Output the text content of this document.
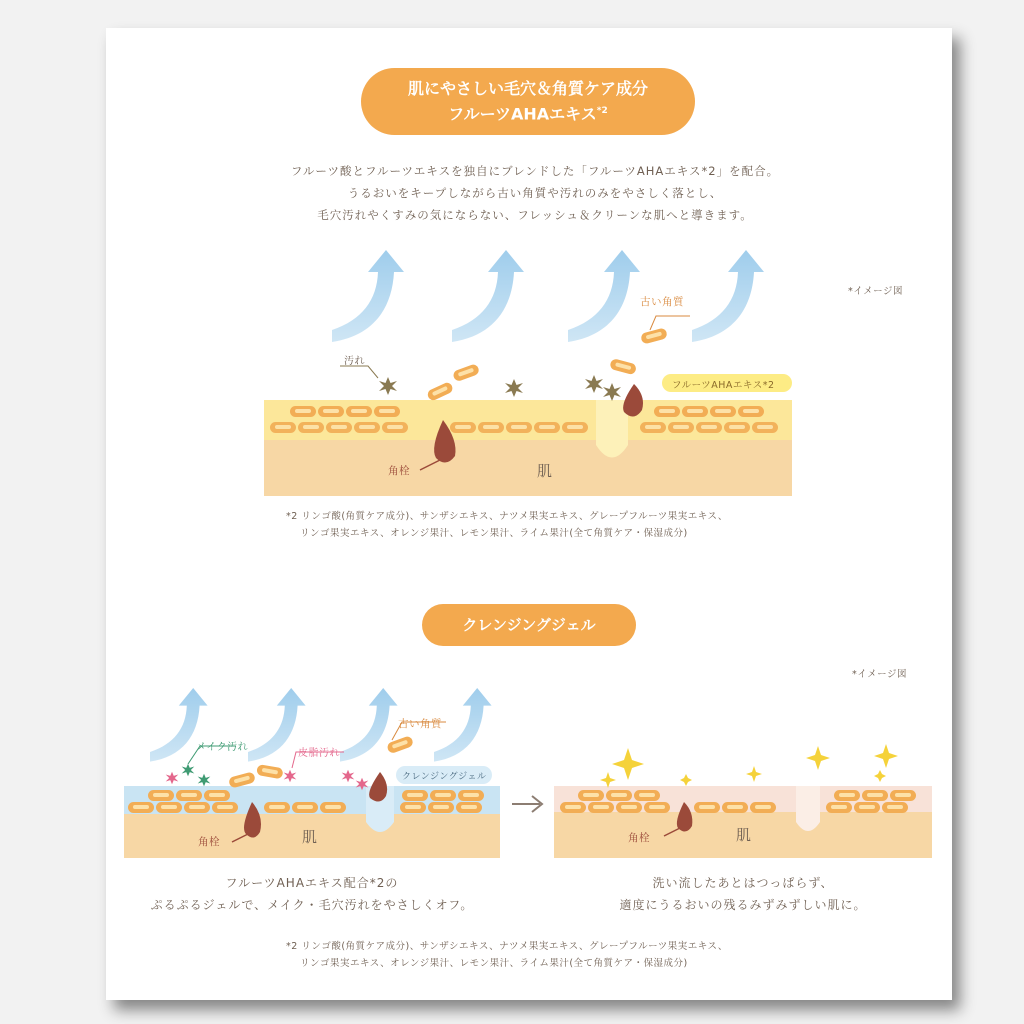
肌にやさしい毛穴＆角質ケア成分
フルーツAHAエキス$^{*2}$
フルーツ酸とフルーツエキスを独自にブレンドした「フルーツAHAエキス*2」を配合。
うるおいをキープしながら古い角質や汚れのみをやさしく落とし、
毛穴汚れやくすみの気にならない、フレッシュ＆クリーンな肌へと導きます。
*イメージ図
汚れ
古い角質
フルーツAHAエキス*2
角栓	肌
*2 リンゴ酸(角質ケア成分)、サンザシエキス、ナツメ果実エキス、グレープフルーツ果実エキス、
リンゴ果実エキス、オレンジ果汁、レモン果汁、ライム果汁(全て角質ケア・保湿成分)
クレンジングジェル
*イメージ図
古い角質
メイク汚れ
皮脂汚れ
クレンジングジェル
角栓	肌	角栓	肌
フルーツAHAエキス配合*2の
ぷるぷるジェルで、メイク・毛穴汚れをやさしくオフ。
洗い流したあとはつっぱらず、
適度にうるおいの残るみずみずしい肌に。
*2 リンゴ酸(角質ケア成分)、サンザシエキス、ナツメ果実エキス、グレープフルーツ果実エキス、
リンゴ果実エキス、オレンジ果汁、レモン果汁、ライム果汁(全て角質ケア・保湿成分)
